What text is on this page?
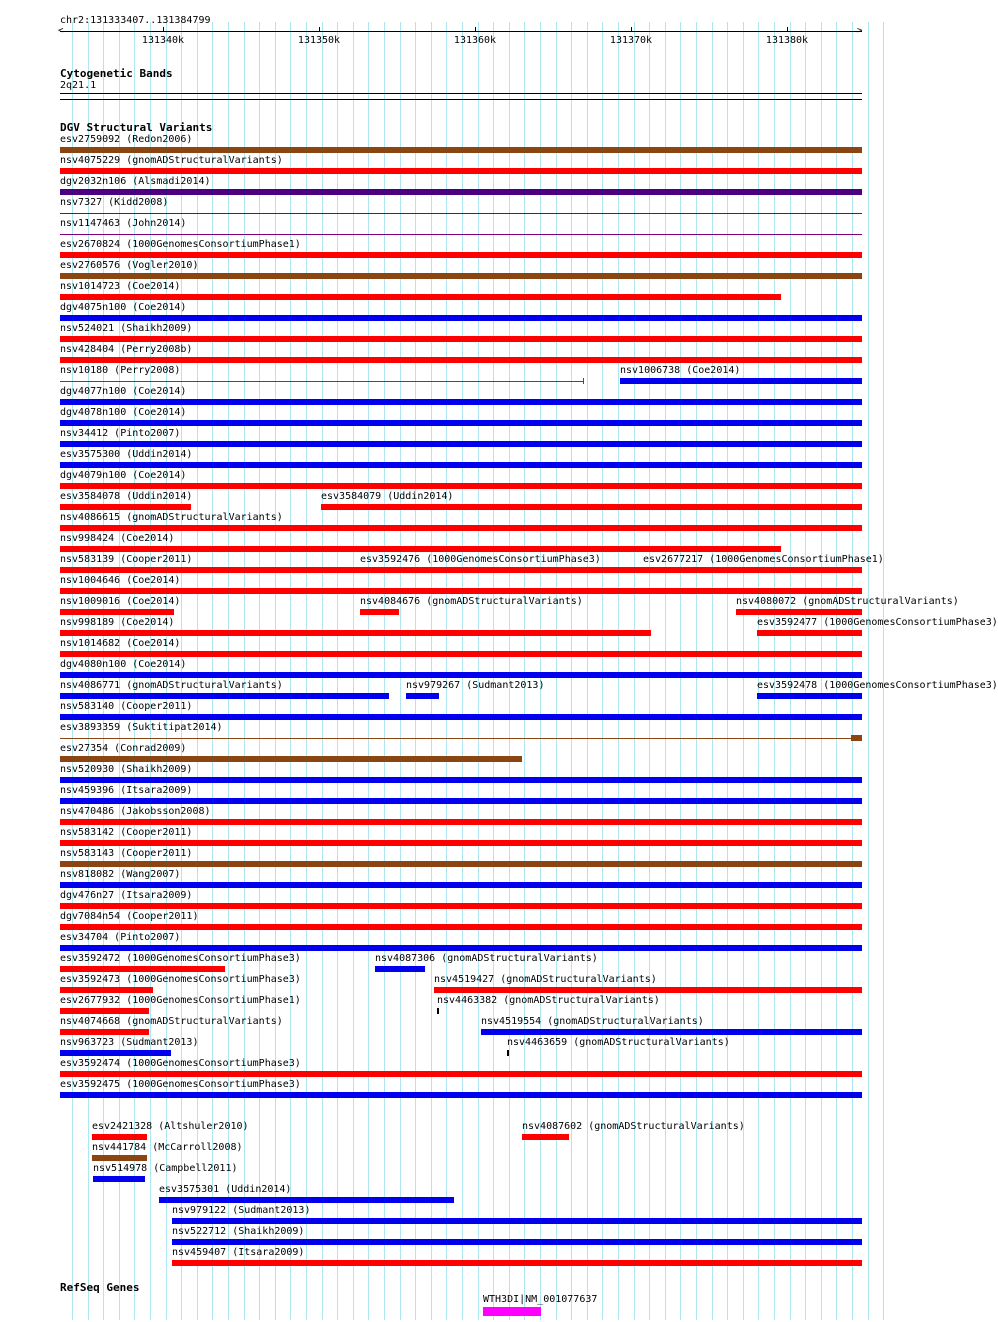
chr2:131333407..131384799
<	>
131340k	131350k	131360k	131370k	131380k
Cytogenetic Bands
2q21.1
DGV Structural Variants
esv2759092 (Redon2006)
nsv4075229 (gnomADStructuralVariants)
dgv2032n106 (Alsmadi2014)
nsv7327 (Kidd2008)
nsv1147463 (John2014)
esv2670824 (1000GenomesConsortiumPhase1)
esv2760576 (Vogler2010)
nsv1014723 (Coe2014)
dgv4075n100 (Coe2014)
nsv524021 (Shaikh2009)
nsv428404 (Perry2008b)
nsv10180 (Perry2008)	nsv1006738 (Coe2014)
dgv4077n100 (Coe2014)
dgv4078n100 (Coe2014)
nsv34412 (Pinto2007)
esv3575300 (Uddin2014)
dgv4079n100 (Coe2014)
esv3584078 (Uddin2014)	esv3584079 (Uddin2014)
nsv4086615 (gnomADStructuralVariants)
nsv998424 (Coe2014)
nsv583139 (Cooper2011)	esv3592476 (1000GenomesConsortiumPhase3)	esv2677217 (1000GenomesConsortiumPhase1)
nsv1004646 (Coe2014)
nsv1009016 (Coe2014)	nsv4084676 (gnomADStructuralVariants)	nsv4080072 (gnomADStructuralVariants)
nsv998189 (Coe2014)	esv3592477 (1000GenomesConsortiumPhase3)
nsv1014682 (Coe2014)
dgv4080n100 (Coe2014)
nsv4086771 (gnomADStructuralVariants)	nsv979267 (Sudmant2013)	esv3592478 (1000GenomesConsortiumPhase3)
nsv583140 (Cooper2011)
esv3893359 (Suktitipat2014)
esv27354 (Conrad2009)
nsv520930 (Shaikh2009)
nsv459396 (Itsara2009)
nsv470486 (Jakobsson2008)
nsv583142 (Cooper2011)
nsv583143 (Cooper2011)
nsv818082 (Wang2007)
dgv476n27 (Itsara2009)
dgv7084n54 (Cooper2011)
esv34704 (Pinto2007)
esv3592472 (1000GenomesConsortiumPhase3)	nsv4087306 (gnomADStructuralVariants)
esv3592473 (1000GenomesConsortiumPhase3)	nsv4519427 (gnomADStructuralVariants)
esv2677932 (1000GenomesConsortiumPhase1)	nsv4463382 (gnomADStructuralVariants)
nsv4074668 (gnomADStructuralVariants)	nsv4519554 (gnomADStructuralVariants)
nsv963723 (Sudmant2013)	nsv4463659 (gnomADStructuralVariants)
esv3592474 (1000GenomesConsortiumPhase3)
esv3592475 (1000GenomesConsortiumPhase3)
esv2421328 (Altshuler2010)	nsv4087602 (gnomADStructuralVariants)
nsv441784 (McCarroll2008)
nsv514978 (Campbell2011)
esv3575301 (Uddin2014)
nsv979122 (Sudmant2013)
nsv522712 (Shaikh2009)
nsv459407 (Itsara2009)
RefSeq Genes
WTH3DI|NM_001077637
